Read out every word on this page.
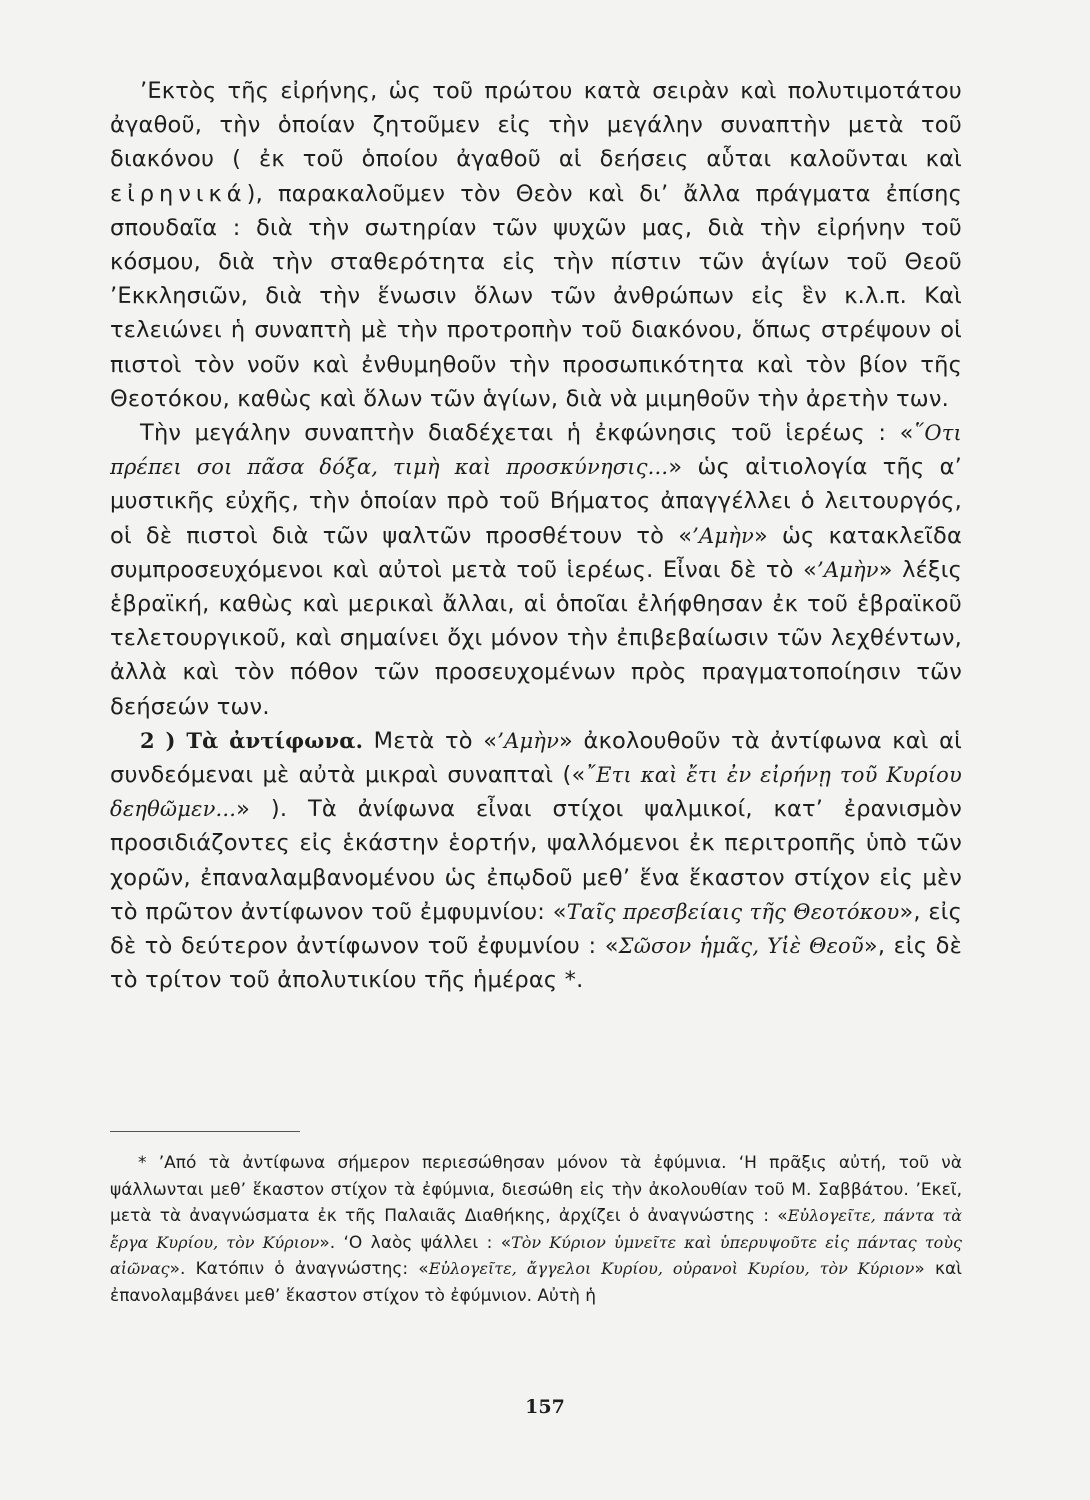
’Εκτὸς τῆς εἰρήνης, ὡς τοῦ πρώτου κατὰ σειρὰν καὶ πολυτιμοτάτου ἀγαθοῦ, τὴν ὁποίαν ζητοῦμεν εἰς τὴν μεγάλην συναπτὴν μετὰ τοῦ διακόνου ( ἐκ τοῦ ὁποίου ἀγαθοῦ αἱ δεήσεις αὗται καλοῦνται καὶ εἰρηνικά), παρακαλοῦμεν τὸν Θεὸν καὶ δι’ ἄλλα πράγματα ἐπίσης σπουδαῖα : διὰ τὴν σωτηρίαν τῶν ψυχῶν μας, διὰ τὴν εἰρήνην τοῦ κόσμου, διὰ τὴν σταθερότητα εἰς τὴν πίστιν τῶν ἁγίων τοῦ Θεοῦ ’Εκκλησιῶν, διὰ τὴν ἕνωσιν ὅλων τῶν ἀνθρώπων εἰς ἓν κ.λ.π. Καὶ τελειώνει ἡ συναπτὴ μὲ τὴν προτροπὴν τοῦ διακόνου, ὅπως στρέψουν οἱ πιστοὶ τὸν νοῦν καὶ ἐνθυμηθοῦν τὴν προσωπικότητα καὶ τὸν βίον τῆς Θεοτόκου, καθὼς καὶ ὅλων τῶν ἁγίων, διὰ νὰ μιμηθοῦν τὴν ἀρετὴν των.

Τὴν μεγάλην συναπτὴν διαδέχεται ἡ ἐκφώνησις τοῦ ἱερέως : «῞Οτι πρέπει σοι πᾶσα δόξα, τιμὴ καὶ προσκύνησις...» ὡς αἰτιολογία τῆς α’ μυστικῆς εὐχῆς, τὴν ὁποίαν πρὸ τοῦ Βήματος ἀπαγγέλλει ὁ λειτουργός, οἱ δὲ πιστοὶ διὰ τῶν ψαλτῶν προσθέτουν τὸ «’Αμὴν» ὡς κατακλεῖδα συμπροσευχόμενοι καὶ αὐτοὶ μετὰ τοῦ ἱερέως. Εἶναι δὲ τὸ «’Αμὴν» λέξις ἑβραϊκή, καθὼς καὶ μερικαὶ ἄλλαι, αἱ ὁποῖαι ἐλήφθησαν ἐκ τοῦ ἑβραϊκοῦ τελετουργικοῦ, καὶ σημαίνει ὄχι μόνον τὴν ἐπιβεβαίωσιν τῶν λεχθέντων, ἀλλὰ καὶ τὸν πόθον τῶν προσευχομένων πρὸς πραγματοποίησιν τῶν δεήσεών των.

2 ) Τὰ ἀντίφωνα. Μετὰ τὸ «’Αμὴν» ἀκολουθοῦν τὰ ἀντίφωνα καὶ αἱ συνδεόμεναι μὲ αὐτὰ μικραὶ συναπταὶ («῎Ετι καὶ ἔτι ἐν εἰρήνῃ τοῦ Κυρίου δεηθῶμεν...» ). Τὰ ἀνίφωνα εἶναι στίχοι ψαλμικοί, κατ’ ἐρανισμὸν προσιδιάζοντες εἰς ἑκάστην ἑορτήν, ψαλλόμενοι ἐκ περιτροπῆς ὑπὸ τῶν χορῶν, ἐπαναλαμβανομένου ὡς ἐπῳδοῦ μεθ’ ἕνα ἕκαστον στίχον εἰς μὲν τὸ πρῶτον ἀντίφωνον τοῦ ἐμφυμνίου: «Ταῖς πρεσβείαις τῆς Θεοτόκου», εἰς δὲ τὸ δεύτερον ἀντίφωνον τοῦ ἐφυμνίου : «Σῶσον ἡμᾶς, Υἱὲ Θεοῦ», εἰς δὲ τὸ τρίτον τοῦ ἀπολυτικίου τῆς ἡμέρας *.

* ’Από τὰ ἀντίφωνα σήμερον περιεσώθησαν μόνον τὰ ἐφύμνια. ‘Η πρᾶξις αὐτή, τοῦ νὰ ψάλλωνται μεθ’ ἕκαστον στίχον τὰ ἐφύμνια, διεσώθη εἰς τὴν ἀκολουθίαν τοῦ Μ. Σαββάτου. ’Εκεῖ, μετὰ τὰ ἀναγνώσματα ἐκ τῆς Παλαιᾶς Διαθήκης, ἀρχίζει ὁ ἀναγνώστης : «Εὐλογεῖτε, πάντα τὰ ἔργα Κυρίου, τὸν Κύριον». ‘Ο λαὸς ψάλλει : «Τὸν Κύριον ὑμνεῖτε καὶ ὑπερυψοῦτε εἰς πάντας τοὺς αἰῶνας». Κατόπιν ὁ ἀναγνώστης: «Εὐλογεῖτε, ἄγγελοι Κυρίου, οὐρανοὶ Κυρίου, τὸν Κύριον» καὶ ἐπανολαμβάνει μεθ’ ἕκαστον στίχον τὸ ἐφύμνιον. Αὐτὴ ἡ

157
